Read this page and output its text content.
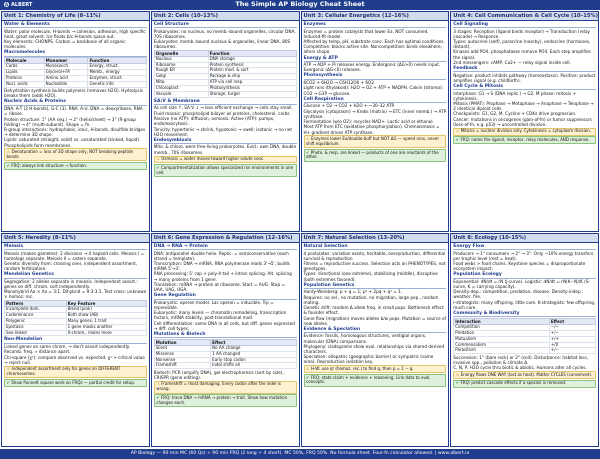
A ALBERT	The Simple AP Biology Cheat Sheet
Unit 1: Chemistry of Life (8–11%)
Water & Elements
Water: polar molecule, H-bonds → cohesion, adhesion, high specific heat, great solvent. Ice floats b/c H-bonds space out.
Key elements: CHONPS. Carbon = backbone of all organic molecules.
Macromolecules
Molecule	Monomer	Function
Carbs	Monosacch.	Energy, struct.
Lipids	Glycerol+FA	Memb., energy
Proteins	Amino acid	Enzymes, struct.
Nucl. acids	Nucleotide	Genetic info
Dehydration synthesis builds polymers (removes H2O). Hydrolysis breaks them (adds H2O).
Nucleic Acids & Proteins
DNA: A-T (2 H-bonds), G-C (3). RNA: A-U. DNA = deoxyribose, RNA = ribose.
Protein structure: 1° (AA seq.) → 2° (helix/sheet) → 3° (R-group folding) → 4° (multi-subunit). Shape = fn.
R-group interactions: hydrophobic, ionic, H-bonds, disulfide bridges → determine 3D shape.
Lipids: saturated (straight, solid) vs. unsaturated (kinked, liquid). Phospholipids form membranes.
⚠ Denaturation = loss of 3D shape only, NOT breaking peptide bonds.
✔ FRQ: always link structure → function.
Unit 2: Cells (10–13%)
Cell Structure
Prokaryotes: no nucleus, no memb.-bound organelles, circular DNA, 70S ribosomes.
Eukaryotes: memb.-bound nucleus & organelles, linear DNA, 80S ribosomes.
Organelle	Function
Nucleus	DNA storage
Ribosome	Protein synthesis
Rough ER	Protein mod. & sort
Golgi	Package & ship
Mito.	ATP via cell resp.
Chloroplast	Photosynthesis
Vacuole	Storage, turgor
SA:V & Membrane
As cell size ↑, SA:V ↓ → less efficient exchange → cells stay small.
Fluid mosaic: phospholipid bilayer w/ proteins, cholesterol, carbs.
Passive (no ATP): diffusion, osmosis. Active (ATP): pumps, endo/exocytosis.
Tonicity: hypertonic → shrink, hypotonic → swell; isotonic → no net H2O movement.
Endosymbiosis
Mito. & chloro. were free-living prokaryotes. Evid.: own DNA, double memb., 70S ribosomes.
⚠ Osmosis = water moves toward higher solute conc.
✔ Compartmentalization allows specialized rxn environments in one cell.
Unit 3: Cellular Energetics (12–16%)
Enzymes
Enzymes = protein catalysts that lower Ea. NOT consumed. Induced-fit model.
Affected by temp, pH, substrate conc. Each has optimal conditions.
Competitive: blocks active site. Noncompetitive: binds elsewhere, alters shape.
Energy & ATP
ATP → ADP + Pi releases energy. Endergonic (ΔG>0) needs input. Exergonic (ΔG<0) releases.
Photosynthesis
6CO2 + 6H2O → C6H12O6 + 6O2
Light rxns (thylakoid): H2O → O2 + ATP + NADPH. Calvin (stroma): CO2 → G3P → glucose.
Cell Respiration
Glucose + O2 → CO2 + H2O + ~30–32 ATP.
Glycolysis (cytoplasm) → Krebs (matrix) → ETC (inner memb.) → ATP synthase.
Fermentation (w/o O2): recycles NAD+. Lactic acid or ethanol.
Most ATP from ETC (oxidative phosphorylation). Chemiosmosis = H+ gradient drives ATP synthase.
⚠ Enzymes lower Ea/double-buff but NOT ΔG — speed rxns, never shift equilibrium.
✔ Photo. & resp. are linked — products of one are reactants of the other.
Unit 4: Cell Communication & Cell Cycle (10–15%)
Cell Signaling
3 stages: Reception (ligand binds receptor) → Transduction (relay cascade) → Response.
Types: autocrine (self), paracrine (nearby), endocrine (hormones, distant).
Kinases add PO4, phosphatases remove PO4. Each step amplifies the signal.
2nd messengers: cAMP, Ca2+ — relay signal inside cell.
Feedback
Negative: product inhibits pathway (homeostasis). Positive: product amplifies signal (e.g. childbirth).
Cell Cycle & Mitosis
Interphase: G1 → S (DNA replic.) → G2. M phase: mitosis + cytokinesis.
Mitosis (PMAT): Prophase → Metaphase → Anaphase → Telophase → 2 identical diploid cells.
Checkpoints: G1, G2, M. Cyclins + CDKs drive progression.
Cancer: mutations in oncogenes (gain-of-fn) or tumor suppressors (loss-of-fn, e.g. p53) → uncontrolled division.
⚠ Mitosis = nuclear division only. Cytokinesis = cytoplasm division.
✔ FRQ: name the ligand, receptor, relay molecules, AND response.
Unit 5: Heredity (8–11%)
Meiosis
Meiosis (makes gametes): 2 divisions → 4 haploid cells. Meiosis I = homologs separate. Meiosis II = sisters separate.
Genetic diversity from: crossing over, independent assortment, random fertilization.
Mendelian Genetics
Segregation: 2 alleles separate in meiosis. Independent assort.: genes on diff. chrom. sort independently.
Monohybrid Aa × Aa = 3:1. Dihybrid = 9:3:3:1. Test cross: unknown × homoz. rec.
Pattern	Key Feature
Incomplete dom.	Blend (pink)
Codominance	Both show (AB)
Polygenic	Many genes, 1 trait
Epistasis	1 gene masks another
Sex-linked	X-chrom., males more
Non-Mendelian
Linked genes on same chrom. → don't assort independently. Recomb. freq. ∝ distance apart.
Chi-square (χ²): compare observed vs. expected. χ² > critical value → reject null.
⚠ Independent assortment only for genes on DIFFERENT chromosomes.
✔ Show Punnett square work on FRQs — partial credit for setup.
Unit 6: Gene Expression & Regulation (12–16%)
DNA → RNA → Protein
DNA: antiparallel double helix. Replic. = semiconservative (each strand = template).
Transcription: DNA → mRNA, RNA polymerase reads 3'→5', builds mRNA 5'→3'.
RNA processing: 5' cap + poly-A tail + intron splicing. Alt. splicing → many proteins from 1 gene.
Translation: mRNA → protein at ribosome. Start = AUG. Stop = UAA, UAG, UGA.
Gene Regulation
Prokaryotic: operon model. Lac operon = inducible. Trp = repressible.
Eukaryotic: many levels — chromatin remodeling, transcription factors, mRNA stability, post-translational mod.
Cell differentiation: same DNA in all cells, but diff. genes expressed → diff. cell types.
Mutations & Biotech
Mutation	Effect
Silent	No AA change
Missense	1 AA changed
Nonsense	Early stop codon
Frameshift	Indel shifts all
Biotech: PCR (amplify DNA), gel electrophoresis (sort by size), CRISPR (gene editing).
⚠ Frameshift = most damaging. Every codon after the indel is wrong.
✔ FRQ: trace DNA → mRNA → protein → trait. Show how mutation changes each.
Unit 7: Natural Selection (13–20%)
Natural Selection
4 postulates: variation exists, heritable, overproduction, differential survival & reproduction.
Fitness = reproductive success. Selection acts on PHENOTYPES, not genotypes.
Types: directional (one extreme), stabilizing (middle), disruptive (both extremes favored).
Population Genetics
Hardy-Weinberg: p + q = 1; p² + 2pq + q² = 1.
Requires: no sel., no mutation, no migration, large pop., random mating.
Genetic drift: random Δ allele freq. in small pops. Bottleneck effect & founder effect.
Gene flow (migration) moves alleles b/w pops. Mutation = source of new alleles.
Evidence & Speciation
Evidence: fossils, homologous structures, vestigial organs, molecular (DNA) comparisons.
Phylogeny: cladograms show evol. relationships via shared derived characters.
Speciation: allopatric (geographic barrier) or sympatric (same area). Reproductive isolation key.
⚠ H-W: use q² (homoz. rec.) to find q, then p = 1 − q.
✔ FRQ: state claim + evidence + reasoning. Link data to evol. concepts.
Unit 8: Ecology (10–15%)
Energy Flow
Producers → 1° consumers → 2° → 3°. Only ~10% energy transfers per trophic level (rest = heat).
Food webs > food chains. Keystone species = disproportionate ecosystem impact.
Population Ecology
Exponential: dN/dt = rN (J-curve). Logistic: dN/dt = rN(K−N)/K (S-curve, K = carrying capacity).
Density-dep.: competition, predation, disease. Density-indep.: weather, fire.
r-strategists: many offspring, little care. K-strategists: few offspring, much care.
Community & Biodiversity
Interaction	Effect
Competition	−/−
Predation	+/−
Mutualism	+/+
Commensalism	+/0
Parasitism	+/−
Succession: 1° (bare rock) or 2° (soil). Disturbance: habitat loss, invasive spp., pollution & climate Δ.
C, N, P, H2O cycle thru biotic & abiotic. Humans alter all cycles.
⚠ Energy flows ONE WAY (lost as heat). Matter CYCLES (conserved).
✔ FRQ: predict cascade effects if a species is removed.
AP Biology — 90 min MC (60 Qs) + 90 min FRQ (2 long + 4 short). MC 50%, FRQ 50%. No formula sheet. Four-fn calculator allowed. | www.albert.io
